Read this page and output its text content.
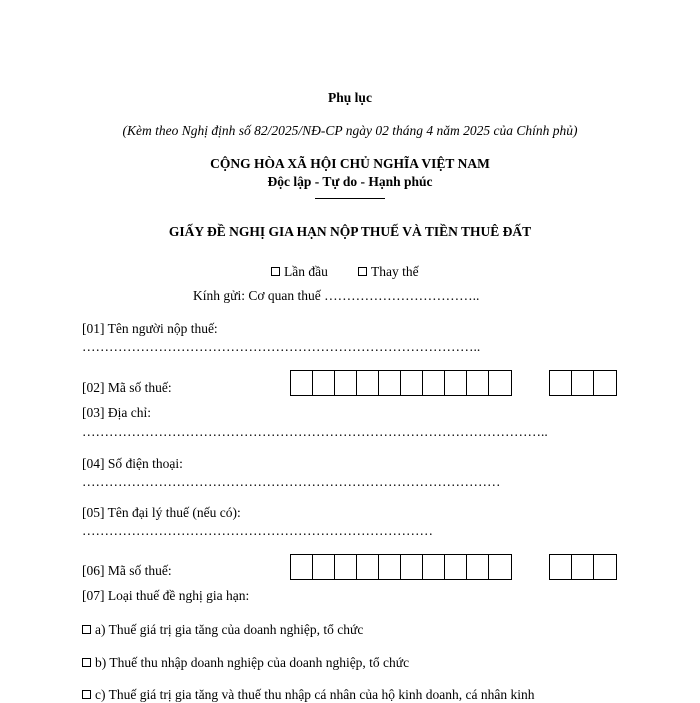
Phụ lục
(Kèm theo Nghị định số 82/2025/NĐ-CP ngày 02 tháng 4 năm 2025 của Chính phủ)
CỘNG HÒA XÃ HỘI CHỦ NGHĨA VIỆT NAM
Độc lập - Tự do - Hạnh phúc
GIẤY ĐỀ NGHỊ GIA HẠN NỘP THUẾ VÀ TIỀN THUÊ ĐẤT
Lần đầu	Thay thế
Kính gửi: Cơ quan thuế ……………………………..
[01] Tên người nộp thuế:
……………………………………………………………………………..
[02] Mã số thuế:
[03] Địa chỉ:
…………………………………………………………………………………………..
[04] Số điện thoại:
…………………………………………………………………………………
[05] Tên đại lý thuế (nếu có):
……………………………………………………………………
[06] Mã số thuế:
[07] Loại thuế đề nghị gia hạn:
a) Thuế giá trị gia tăng của doanh nghiệp, tổ chức
b) Thuế thu nhập doanh nghiệp của doanh nghiệp, tổ chức
c) Thuế giá trị gia tăng và thuế thu nhập cá nhân của hộ kinh doanh, cá nhân kinh
